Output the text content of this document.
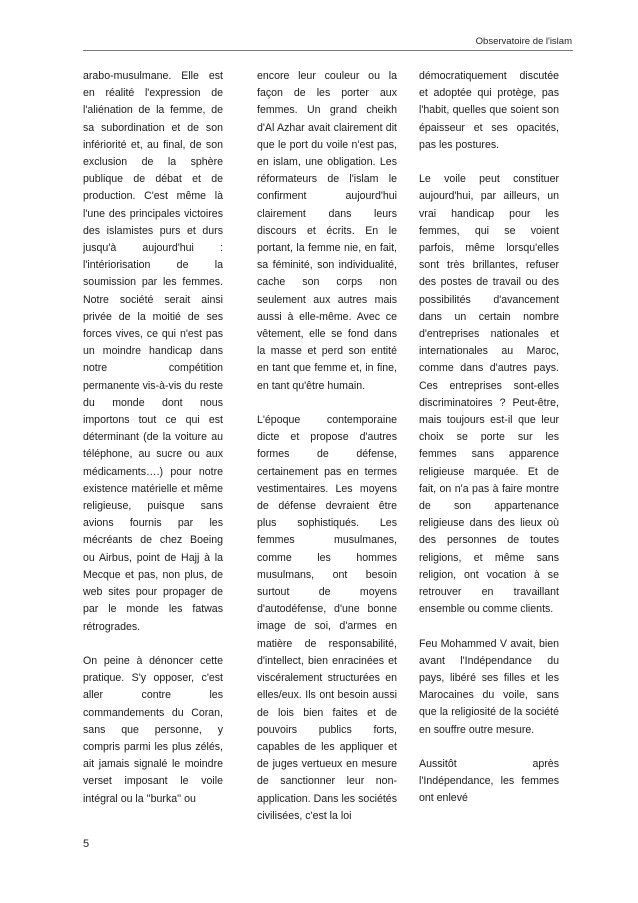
Observatoire de l'islam

arabo-musulmane. Elle est en réalité l'expression de l'aliénation de la femme, de sa subordination et de son infériorité et, au final, de son exclusion de la sphère publique de débat et de production. C'est même là l'une des principales victoires des islamistes purs et durs jusqu'à aujourd'hui : l'intériorisation de la soumission par les femmes. Notre société serait ainsi privée de la moitié de ses forces vives, ce qui n'est pas un moindre handicap dans notre compétition permanente vis-à-vis du reste du monde dont nous importons tout ce qui est déterminant (de la voiture au téléphone, au sucre ou aux médicaments….) pour notre existence matérielle et même religieuse, puisque sans avions fournis par les mécréants de chez Boeing ou Airbus, point de Hajj à la Mecque et pas, non plus, de web sites pour propager de par le monde les fatwas rétrogrades.

On peine à dénoncer cette pratique. S'y opposer, c'est aller contre les commandements du Coran, sans que personne, y compris parmi les plus zélés, ait jamais signalé le moindre verset imposant le voile intégral ou la ''burka'' ou

encore leur couleur ou la façon de les porter aux femmes. Un grand cheikh d'Al Azhar avait clairement dit que le port du voile n'est pas, en islam, une obligation. Les réformateurs de l'islam le confirment aujourd'hui clairement dans leurs discours et écrits. En le portant, la femme nie, en fait, sa féminité, son individualité, cache son corps non seulement aux autres mais aussi à elle-même. Avec ce vêtement, elle se fond dans la masse et perd son entité en tant que femme et, in fine, en tant qu'être humain.

L'époque contemporaine dicte et propose d'autres formes de défense, certainement pas en termes vestimentaires. Les moyens de défense devraient être plus sophistiqués. Les femmes musulmanes, comme les hommes musulmans, ont besoin surtout de moyens d'autodéfense, d'une bonne image de soi, d'armes en matière de responsabilité, d'intellect, bien enracinées et viscéralement structurées en elles/eux. Ils ont besoin aussi de lois bien faites et de pouvoirs publics forts, capables de les appliquer et de juges vertueux en mesure de sanctionner leur non-application. Dans les sociétés civilisées, c'est la loi

démocratiquement discutée et adoptée qui protège, pas l'habit, quelles que soient son épaisseur et ses opacités, pas les postures.

Le voile peut constituer aujourd'hui, par ailleurs, un vrai handicap pour les femmes, qui se voient parfois, même lorsqu'elles sont très brillantes, refuser des postes de travail ou des possibilités d'avancement dans un certain nombre d'entreprises nationales et internationales au Maroc, comme dans d'autres pays. Ces entreprises sont-elles discriminatoires ? Peut-être, mais toujours est-il que leur choix se porte sur les femmes sans apparence religieuse marquée. Et de fait, on n'a pas à faire montre de son appartenance religieuse dans des lieux où des personnes de toutes religions, et même sans religion, ont vocation à se retrouver en travaillant ensemble ou comme clients.

Feu Mohammed V avait, bien avant l'Indépendance du pays, libéré ses filles et les Marocaines du voile, sans que la religiosité de la société en souffre outre mesure.

Aussitôt après l'Indépendance, les femmes ont enlevé

5
